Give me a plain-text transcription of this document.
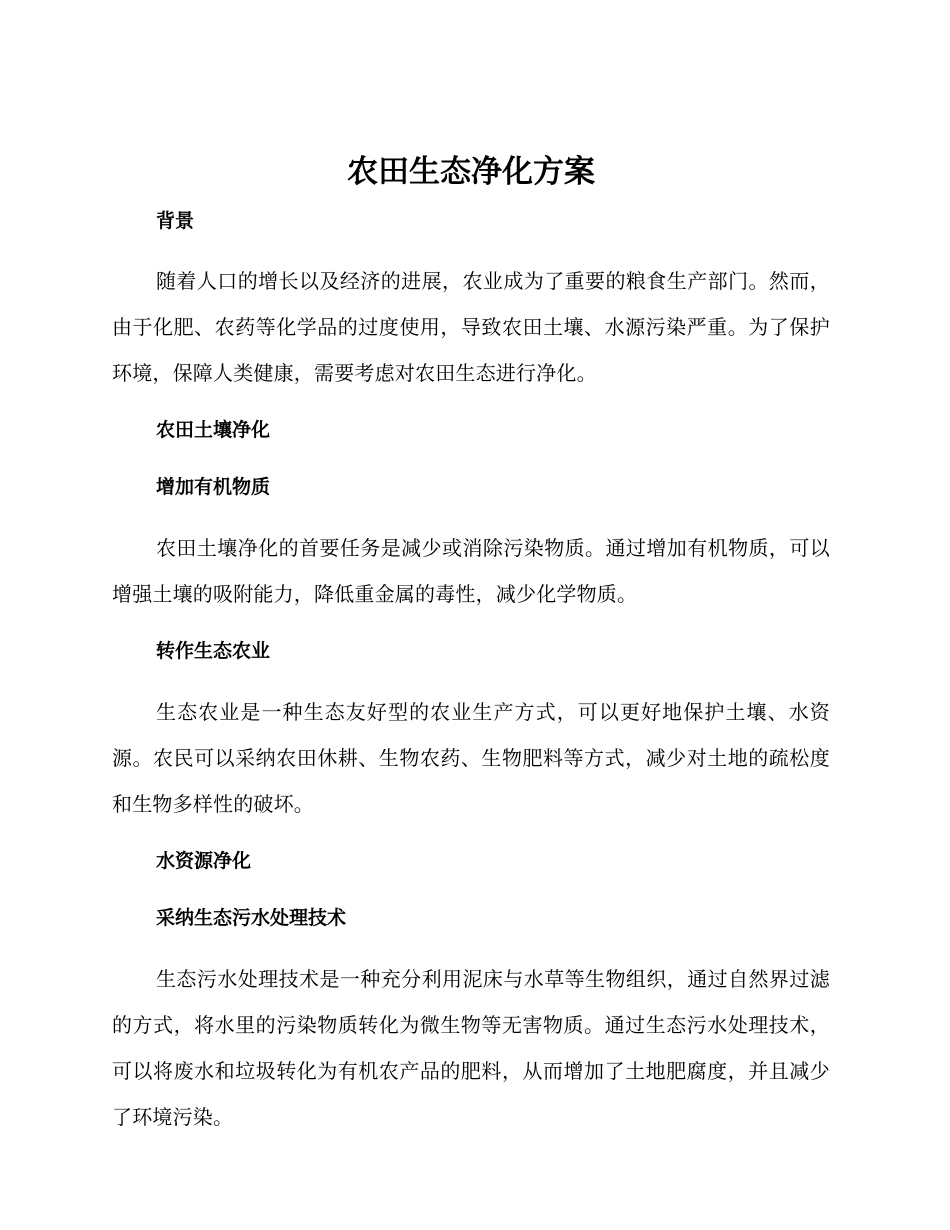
农田生态净化方案
背景

随着人口的增长以及经济的进展，农业成为了重要的粮食生产部门。然而，由于化肥、农药等化学品的过度使用，导致农田土壤、水源污染严重。为了保护环境，保障人类健康，需要考虑对农田生态进行净化。

农田土壤净化
增加有机物质

农田土壤净化的首要任务是减少或消除污染物质。通过增加有机物质，可以增强土壤的吸附能力，降低重金属的毒性，减少化学物质。

转作生态农业

生态农业是一种生态友好型的农业生产方式，可以更好地保护土壤、水资源。农民可以采纳农田休耕、生物农药、生物肥料等方式，减少对土地的疏松度和生物多样性的破坏。

水资源净化
采纳生态污水处理技术

生态污水处理技术是一种充分利用泥床与水草等生物组织，通过自然界过滤的方式，将水里的污染物质转化为微生物等无害物质。通过生态污水处理技术，可以将废水和垃圾转化为有机农产品的肥料，从而增加了土地肥腐度，并且减少了环境污染。
